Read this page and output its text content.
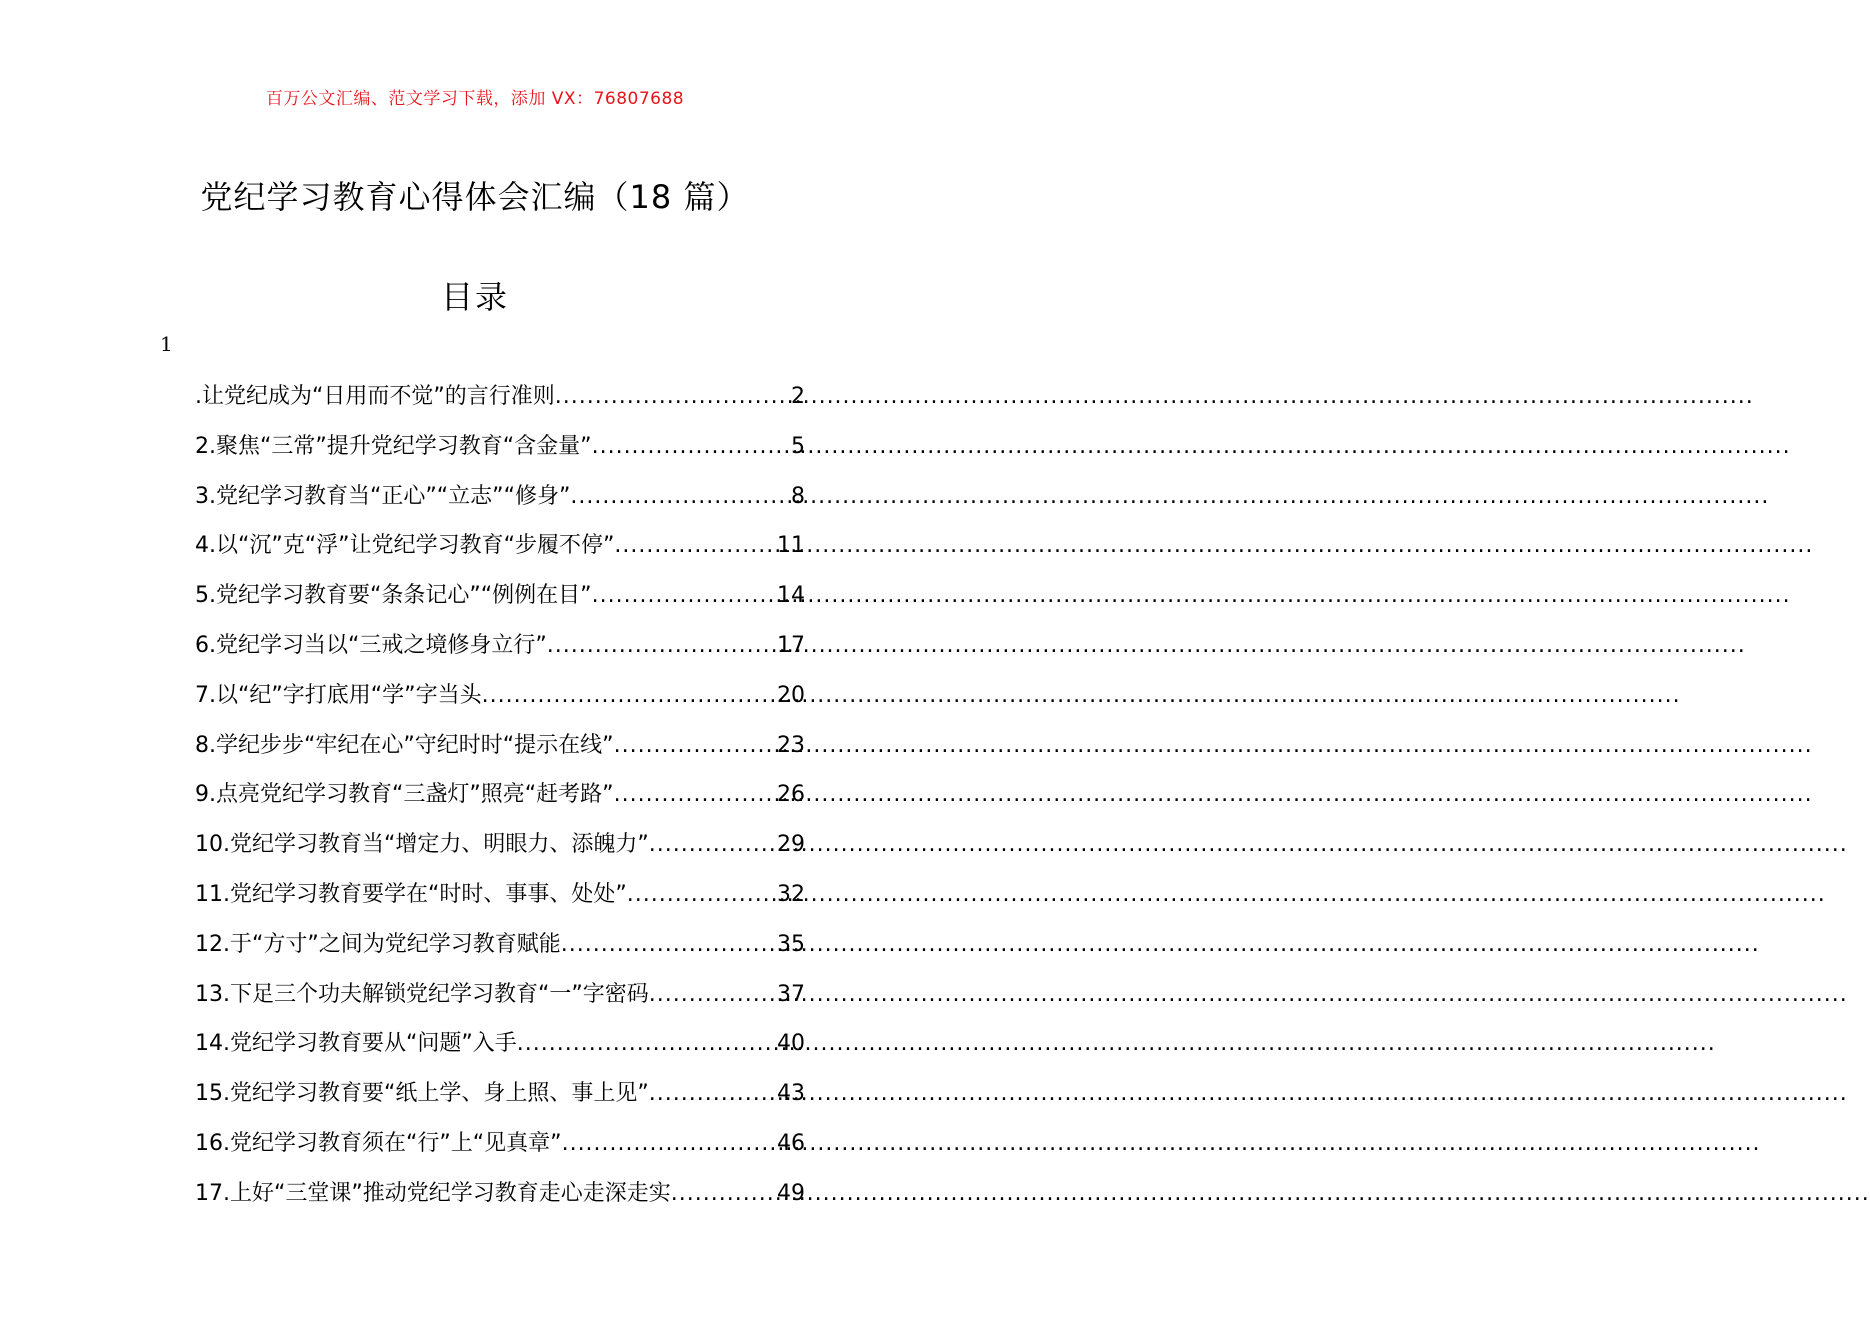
百万公文汇编、范文学习下载，添加 VX：76807688
党纪学习教育心得体会汇编（18 篇）
目录
1
.让党纪成为“日用而不觉”的言行准则 .....	2
2.聚焦“三常”提升党纪学习教育“含金量” .....	5
3.党纪学习教育当“正心”“立志”“修身” .....	8
4.以“沉”克“浮”让党纪学习教育“步履不停” .....	11
5.党纪学习教育要“条条记心”“例例在目” .....	14
6.党纪学习当以“三戒之境修身立行” .....	17
7.以“纪”字打底用“学”字当头 .....	20
8.学纪步步“牢纪在心”守纪时时“提示在线” .....	23
9.点亮党纪学习教育“三盏灯”照亮“赶考路” .....	26
10.党纪学习教育当“增定力、明眼力、添魄力” .....	29
11.党纪学习教育要学在“时时、事事、处处” .....	32
12.于“方寸”之间为党纪学习教育赋能 .....	35
13.下足三个功夫解锁党纪学习教育“一”字密码 .....	37
14.党纪学习教育要从“问题”入手 .....	40
15.党纪学习教育要“纸上学、身上照、事上见” .....	43
16.党纪学习教育须在“行”上“见真章” .....	46
17.上好“三堂课”推动党纪学习教育走心走深走实 .....	49
